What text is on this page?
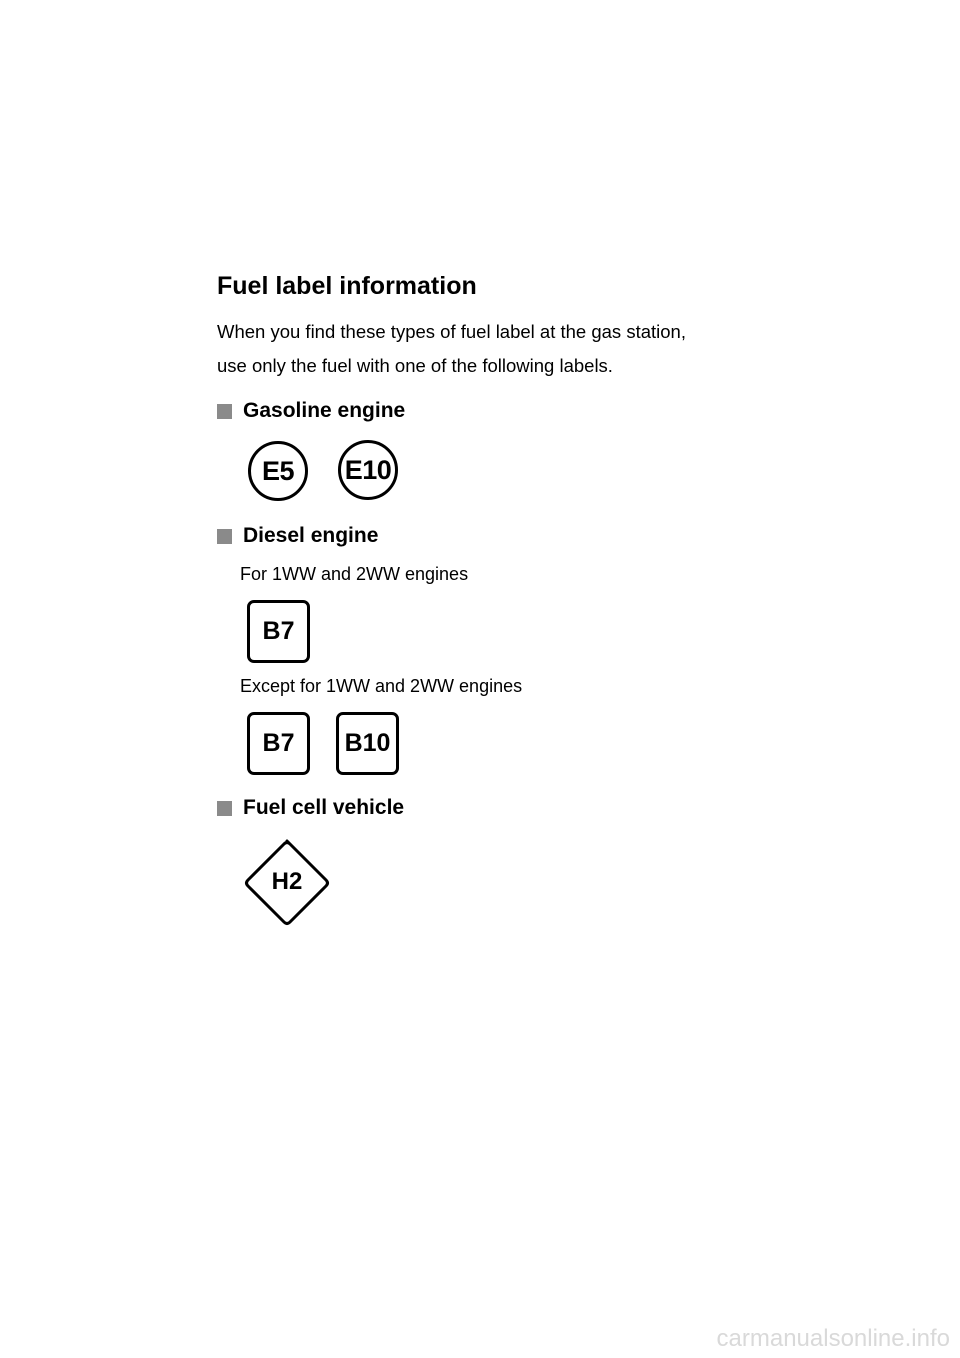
Fuel label information
When you find these types of fuel label at the gas station,
use only the fuel with one of the following labels.
Gasoline engine
E5	E10
Diesel engine
For 1WW and 2WW engines
B7
Except for 1WW and 2WW engines
B7	B10
Fuel cell vehicle
H2
carmanualsonline.info
